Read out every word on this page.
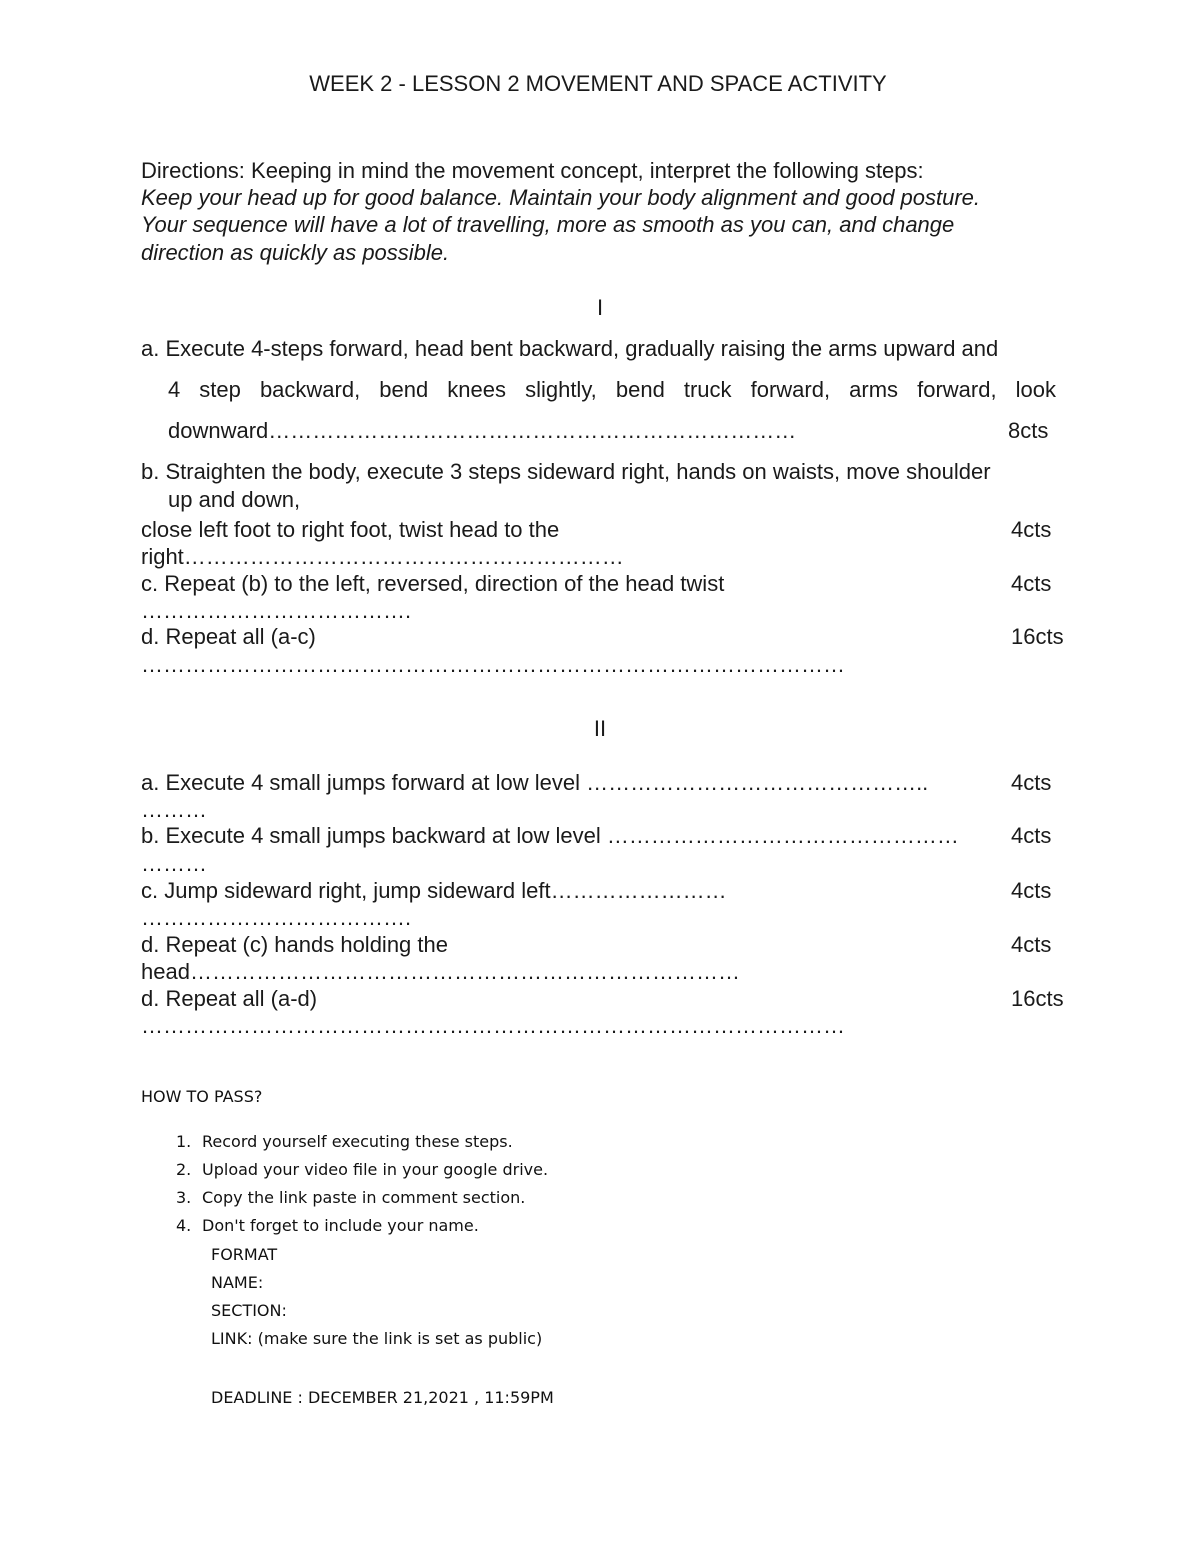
WEEK 2 - LESSON 2 MOVEMENT AND SPACE ACTIVITY
Directions: Keeping in mind the movement concept, interpret the following steps:
Keep your head up for good balance. Maintain your body alignment and good posture.
Your sequence will have a lot of travelling, more as smooth as you can, and change
direction as quickly as possible.
I
a. Execute 4-steps forward, head bent backward, gradually raising the arms upward and
4 step backward, bend knees slightly, bend truck forward, arms forward, look
downward………………………………………………………………	8cts
b. Straighten the body, execute 3 steps sideward right, hands on waists, move shoulder
up and down,
close left foot to right foot, twist head to the	4cts
right……………………………………………………
c. Repeat (b) to the left, reversed, direction of the head twist	4cts
……………………………….
d. Repeat all (a-c)	16cts
……………………………………………………………………………………
II
a. Execute 4 small jumps forward at low level ………………………………………..	4cts
………
b. Execute 4 small jumps backward at low level ………………………………………… 4cts
………
c. Jump sideward right, jump sideward left……………………	4cts
……………………………….
d. Repeat (c) hands holding the	4cts
head…………………………………………………………………
d. Repeat all (a-d)	16cts
……………………………………………………………………………………
HOW TO PASS?
1. Record yourself executing these steps.
2. Upload your video file in your google drive.
3. Copy the link paste in comment section.
4. Don't forget to include your name.
FORMAT
NAME:
SECTION:
LINK: (make sure the link is set as public)
DEADLINE : DECEMBER 21,2021 , 11:59PM
